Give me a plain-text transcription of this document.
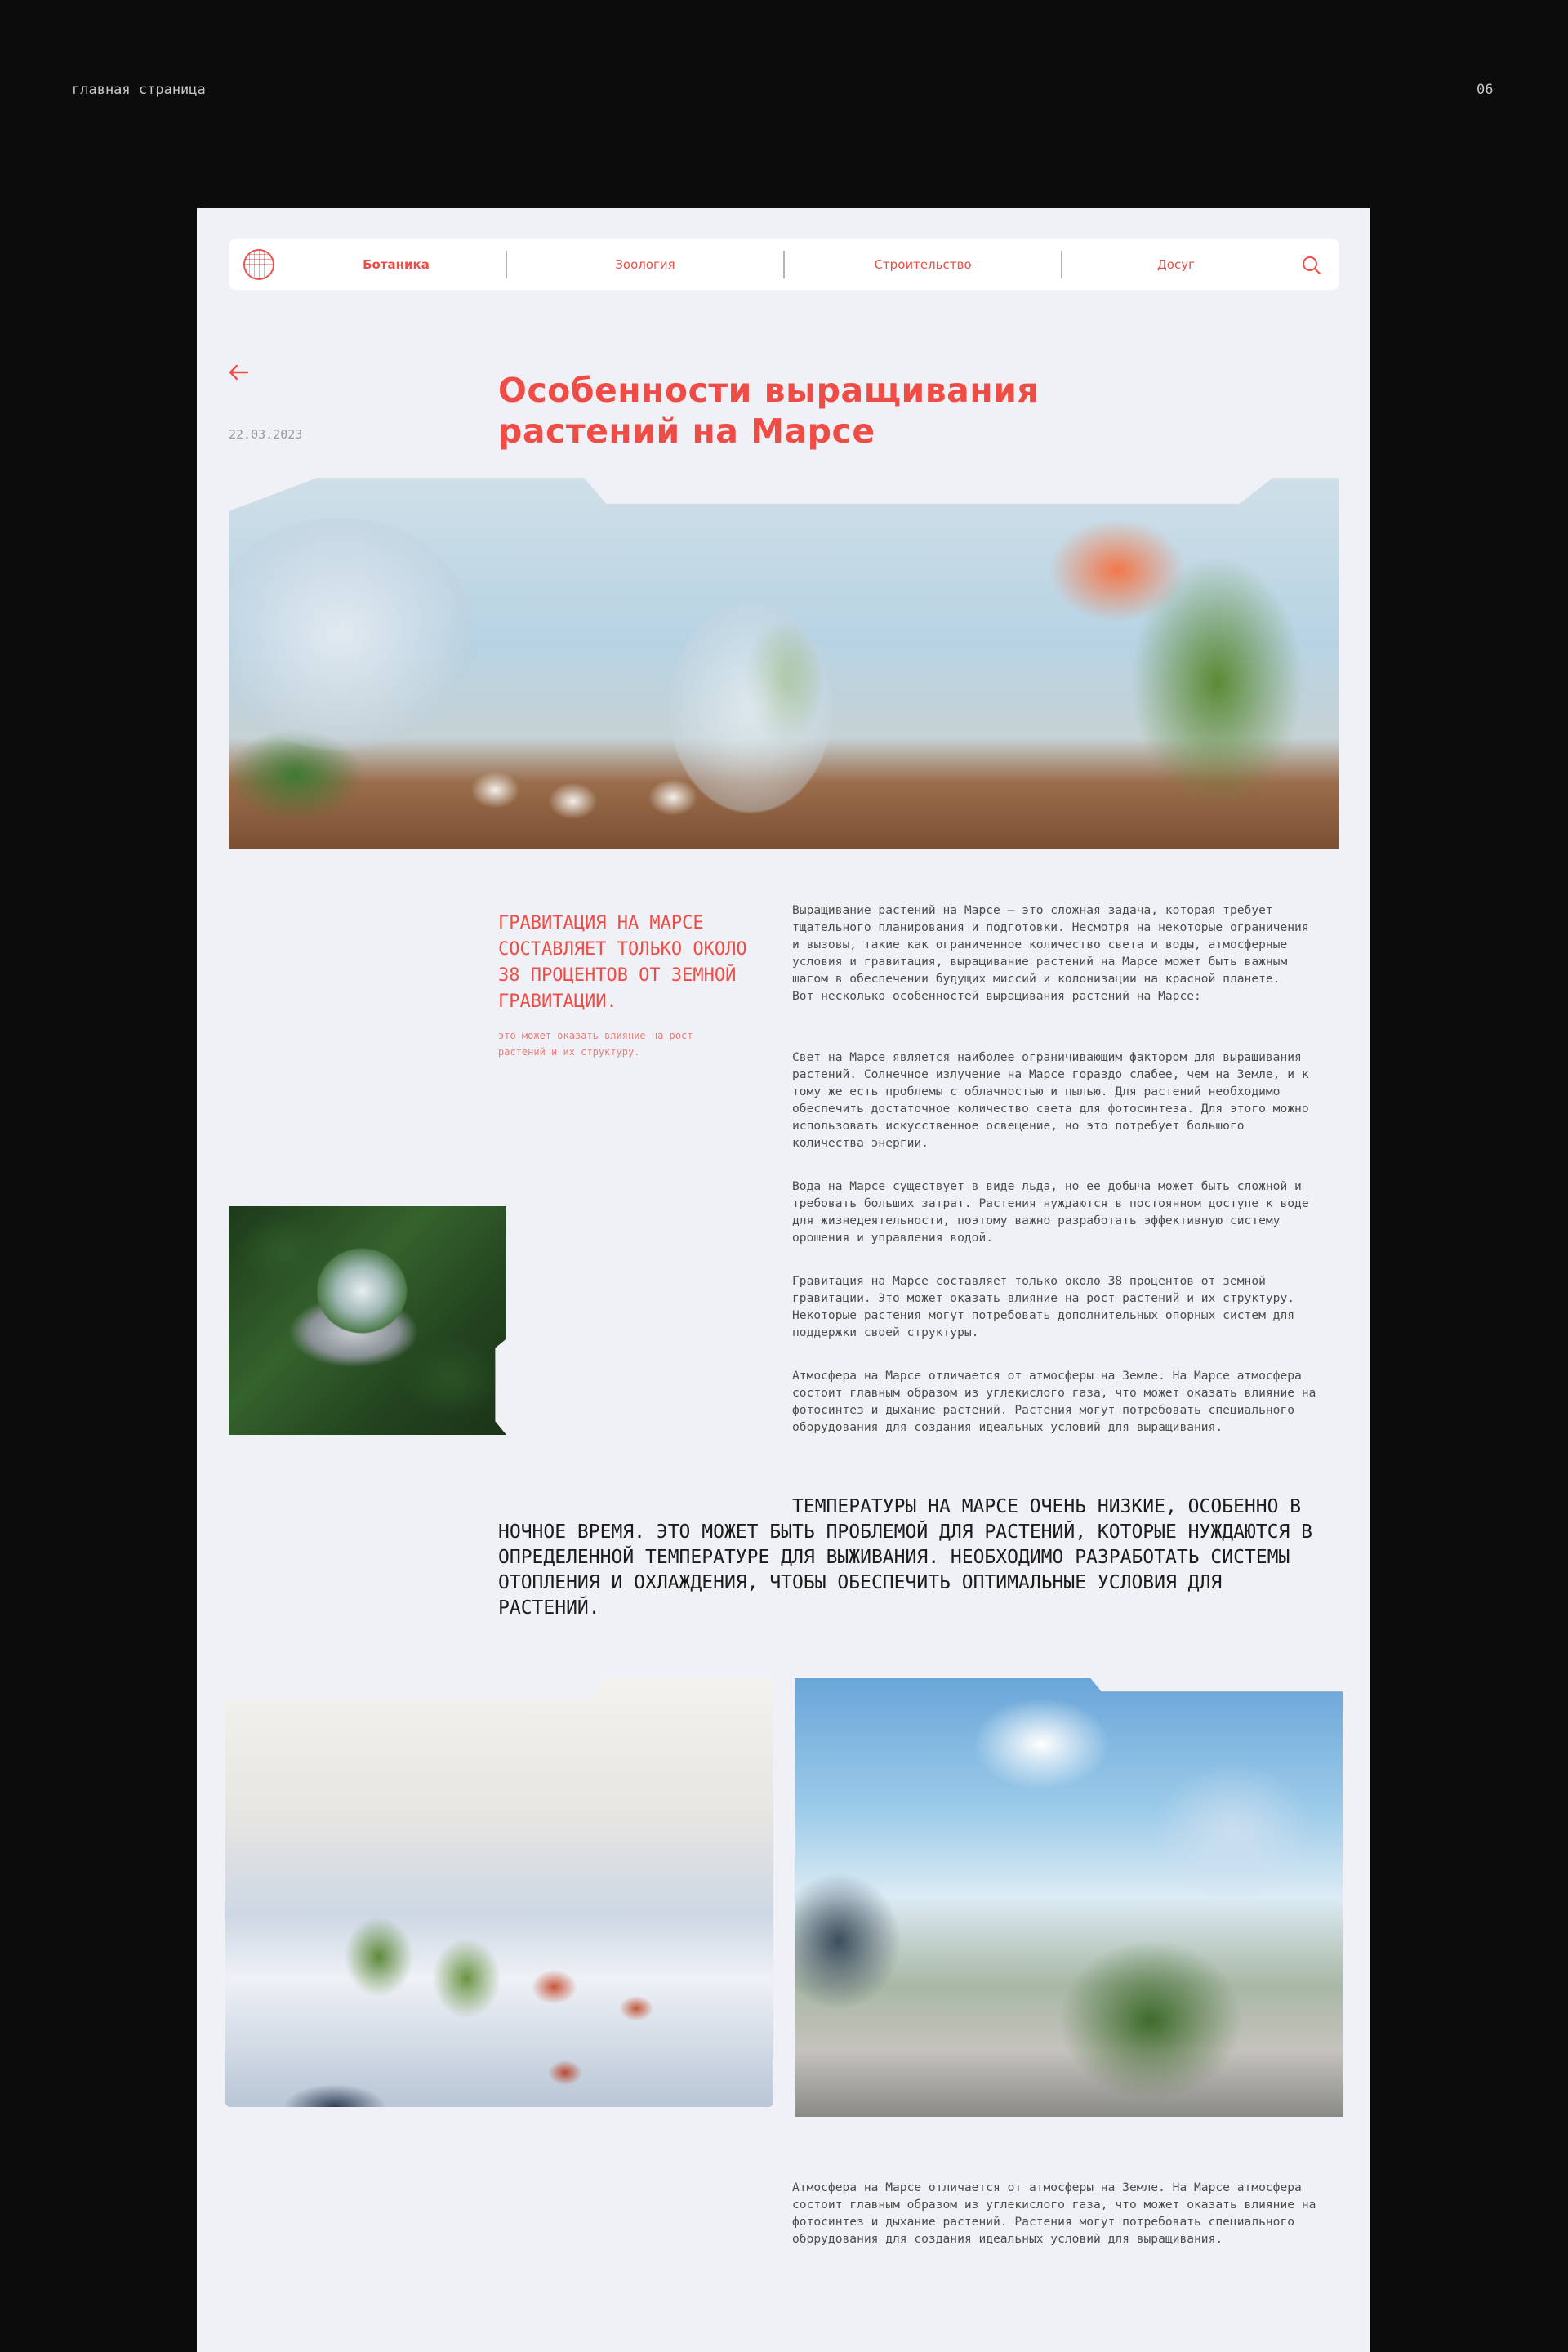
главная страница	06
Ботаника	Зоология	Строительство	Досуг
22.03.2023
Особенности выращивания растений на Марсе
ГРАВИТАЦИЯ НА МАРСЕ СОСТАВЛЯЕТ ТОЛЬКО ОКОЛО 38 ПРОЦЕНТОВ ОТ ЗЕМНОЙ ГРАВИТАЦИИ.
это может оказать влияние на рост растений и их структуру.
Выращивание растений на Марсе — это сложная задача, которая требует тщательного планирования и подготовки. Несмотря на некоторые ограничения и вызовы, такие как ограниченное количество света и воды, атмосферные условия и гравитация, выращивание растений на Марсе может быть важным шагом в обеспечении будущих миссий и колонизации на красной планете.
Вот несколько особенностей выращивания растений на Марсе:
Свет на Марсе является наиболее ограничивающим фактором для выращивания растений. Солнечное излучение на Марсе гораздо слабее, чем на Земле, и к тому же есть проблемы с облачностью и пылью. Для растений необходимо обеспечить достаточное количество света для фотосинтеза. Для этого можно использовать искусственное освещение, но это потребует большого количества энергии.
Вода на Марсе существует в виде льда, но ее добыча может быть сложной и требовать больших затрат. Растения нуждаются в постоянном доступе к воде для жизнедеятельности, поэтому важно разработать эффективную систему орошения и управления водой.
Гравитация на Марсе составляет только около 38 процентов от земной гравитации. Это может оказать влияние на рост растений и их структуру. Некоторые растения могут потребовать дополнительных опорных систем для поддержки своей структуры.
Атмосфера на Марсе отличается от атмосферы на Земле. На Марсе атмосфера состоит главным образом из углекислого газа, что может оказать влияние на фотосинтез и дыхание растений. Растения могут потребовать специального оборудования для создания идеальных условий для выращивания.
ТЕМПЕРАТУРЫ НА МАРСЕ ОЧЕНЬ НИЗКИЕ, ОСОБЕННО В НОЧНОЕ ВРЕМЯ. ЭТО МОЖЕТ БЫТЬ ПРОБЛЕМОЙ ДЛЯ РАСТЕНИЙ, КОТОРЫЕ НУЖДАЮТСЯ В ОПРЕДЕЛЕННОЙ ТЕМПЕРАТУРЕ ДЛЯ ВЫЖИВАНИЯ. НЕОБХОДИМО РАЗРАБОТАТЬ СИСТЕМЫ ОТОПЛЕНИЯ И ОХЛАЖДЕНИЯ, ЧТОБЫ ОБЕСПЕЧИТЬ ОПТИМАЛЬНЫЕ УСЛОВИЯ ДЛЯ РАСТЕНИЙ.
Атмосфера на Марсе отличается от атмосферы на Земле. На Марсе атмосфера состоит главным образом из углекислого газа, что может оказать влияние на фотосинтез и дыхание растений. Растения могут потребовать специального оборудования для создания идеальных условий для выращивания.
